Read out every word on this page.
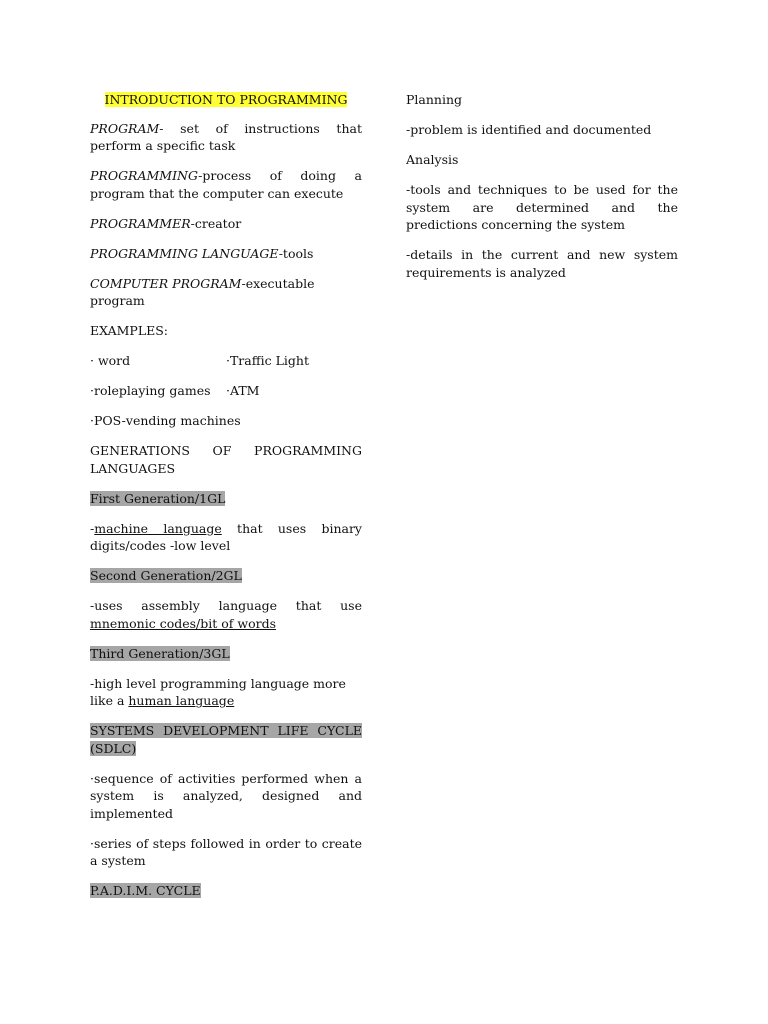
INTRODUCTION TO PROGRAMMING

PROGRAM- set of instructions that perform a specific task

PROGRAMMING-process of doing a program that the computer can execute

PROGRAMMER-creator

PROGRAMMING LANGUAGE-tools

COMPUTER PROGRAM-executable program

EXAMPLES:

· word	·Traffic Light
·roleplaying games ·ATM
·POS-vending machines
GENERATIONS OF PROGRAMMING
LANGUAGES

First Generation/1GL

-machine language that uses binary digits/codes -low level

Second Generation/2GL

-uses assembly language that use mnemonic codes/bit of words

Third Generation/3GL

-high level programming language more like a human language

SYSTEMS DEVELOPMENT LIFE CYCLE (SDLC)

·sequence of activities performed when a system is analyzed, designed and implemented

·series of steps followed in order to create a system

P.A.D.I.M. CYCLE

Planning

-problem is identified and documented

Analysis

-tools and techniques to be used for the system are determined and the predictions concerning the system

-details in the current and new system requirements is analyzed
